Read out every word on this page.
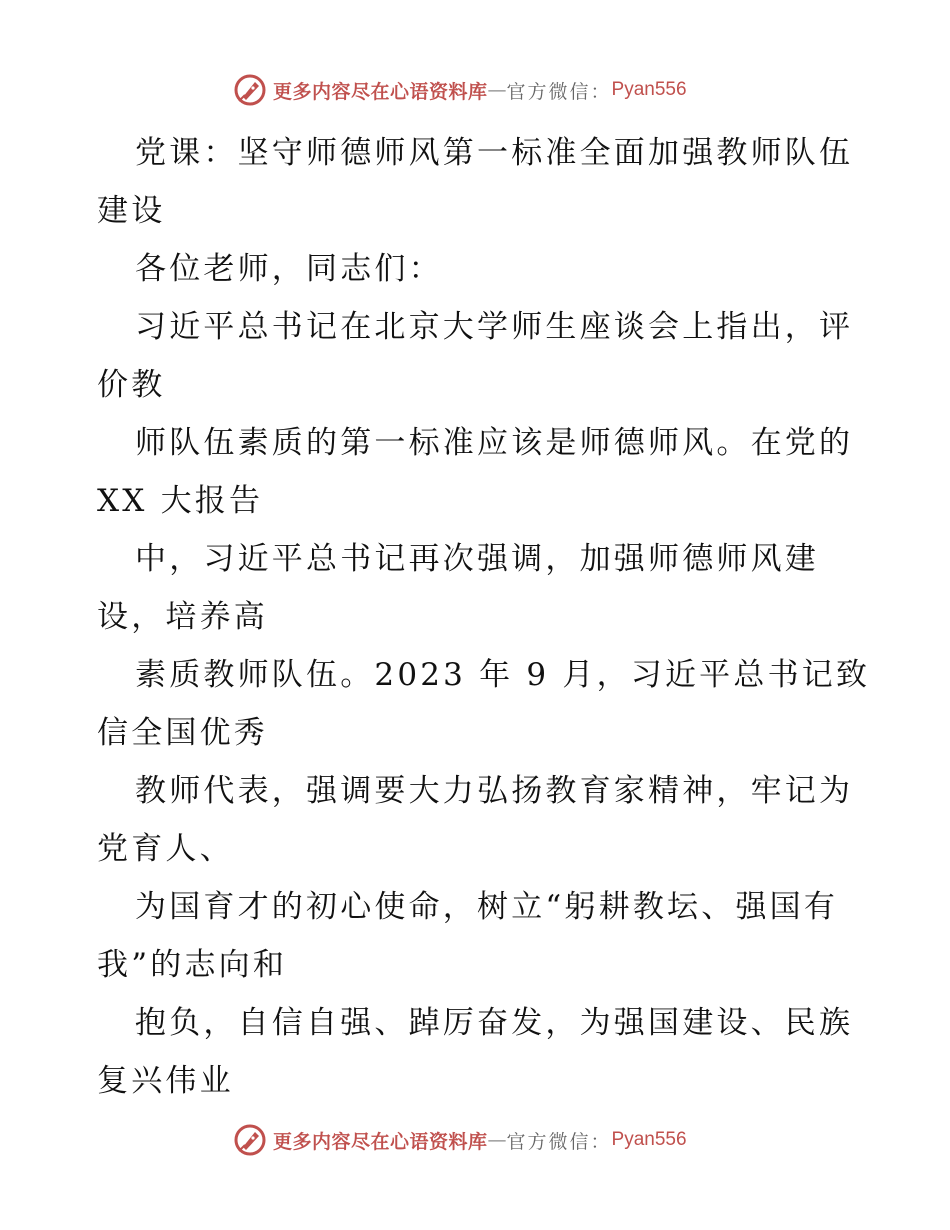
更多内容尽在心语资料库 — 官方微信： Pyan556
党课：坚守师德师风第一标准全面加强教师队伍
建设
各位老师，同志们：
习近平总书记在北京大学师生座谈会上指出，评
价教
师队伍素质的第一标准应该是师德师风。在党的
XX 大报告
中，习近平总书记再次强调，加强师德师风建
设，培养高
素质教师队伍。2023 年 9 月，习近平总书记致
信全国优秀
教师代表，强调要大力弘扬教育家精神，牢记为
党育人、
为国育才的初心使命，树立“躬耕教坛、强国有
我”的志向和
抱负，自信自强、踔厉奋发，为强国建设、民族
复兴伟业
更多内容尽在心语资料库 — 官方微信： Pyan556
